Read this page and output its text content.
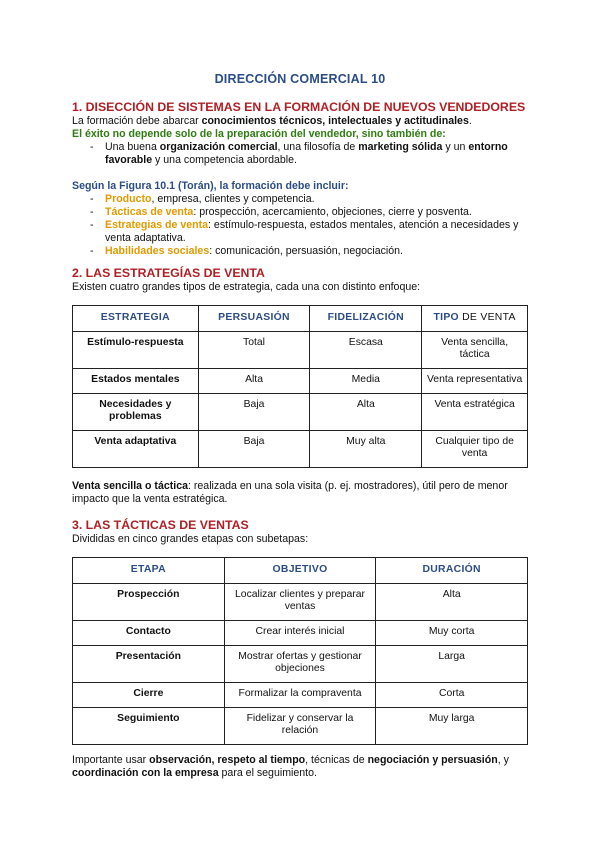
DIRECCIÓN COMERCIAL 10
1. DISECCIÓN DE SISTEMAS EN LA FORMACIÓN DE NUEVOS VENDEDORES
La formación debe abarcar conocimientos técnicos, intelectuales y actitudinales.
El éxito no depende solo de la preparación del vendedor, sino también de:
- Una buena organización comercial, una filosofía de marketing sólida y un entorno favorable y una competencia abordable.
Según la Figura 10.1 (Torán), la formación debe incluir:
- Producto, empresa, clientes y competencia.
- Tácticas de venta: prospección, acercamiento, objeciones, cierre y posventa.
- Estrategias de venta: estímulo-respuesta, estados mentales, atención a necesidades y venta adaptativa.
- Habilidades sociales: comunicación, persuasión, negociación.
2. LAS ESTRATEGÍAS DE VENTA
Existen cuatro grandes tipos de estrategia, cada una con distinto enfoque:
ESTRATEGIA	PERSUASIÓN	FIDELIZACIÓN	TIPO DE VENTA
Estímulo-respuesta	Total	Escasa	Venta sencilla, táctica
Estados mentales	Alta	Media	Venta representativa
Necesidades y problemas	Baja	Alta	Venta estratégica
Venta adaptativa	Baja	Muy alta	Cualquier tipo de venta
Venta sencilla o táctica: realizada en una sola visita (p. ej. mostradores), útil pero de menor impacto que la venta estratégica.
3. LAS TÁCTICAS DE VENTAS
Divididas en cinco grandes etapas con subetapas:
ETAPA	OBJETIVO	DURACIÓN
Prospección	Localizar clientes y preparar ventas	Alta
Contacto	Crear interés inicial	Muy corta
Presentación	Mostrar ofertas y gestionar objeciones	Larga
Cierre	Formalizar la compraventa	Corta
Seguimiento	Fidelizar y conservar la relación	Muy larga
Importante usar observación, respeto al tiempo, técnicas de negociación y persuasión, y coordinación con la empresa para el seguimiento.
